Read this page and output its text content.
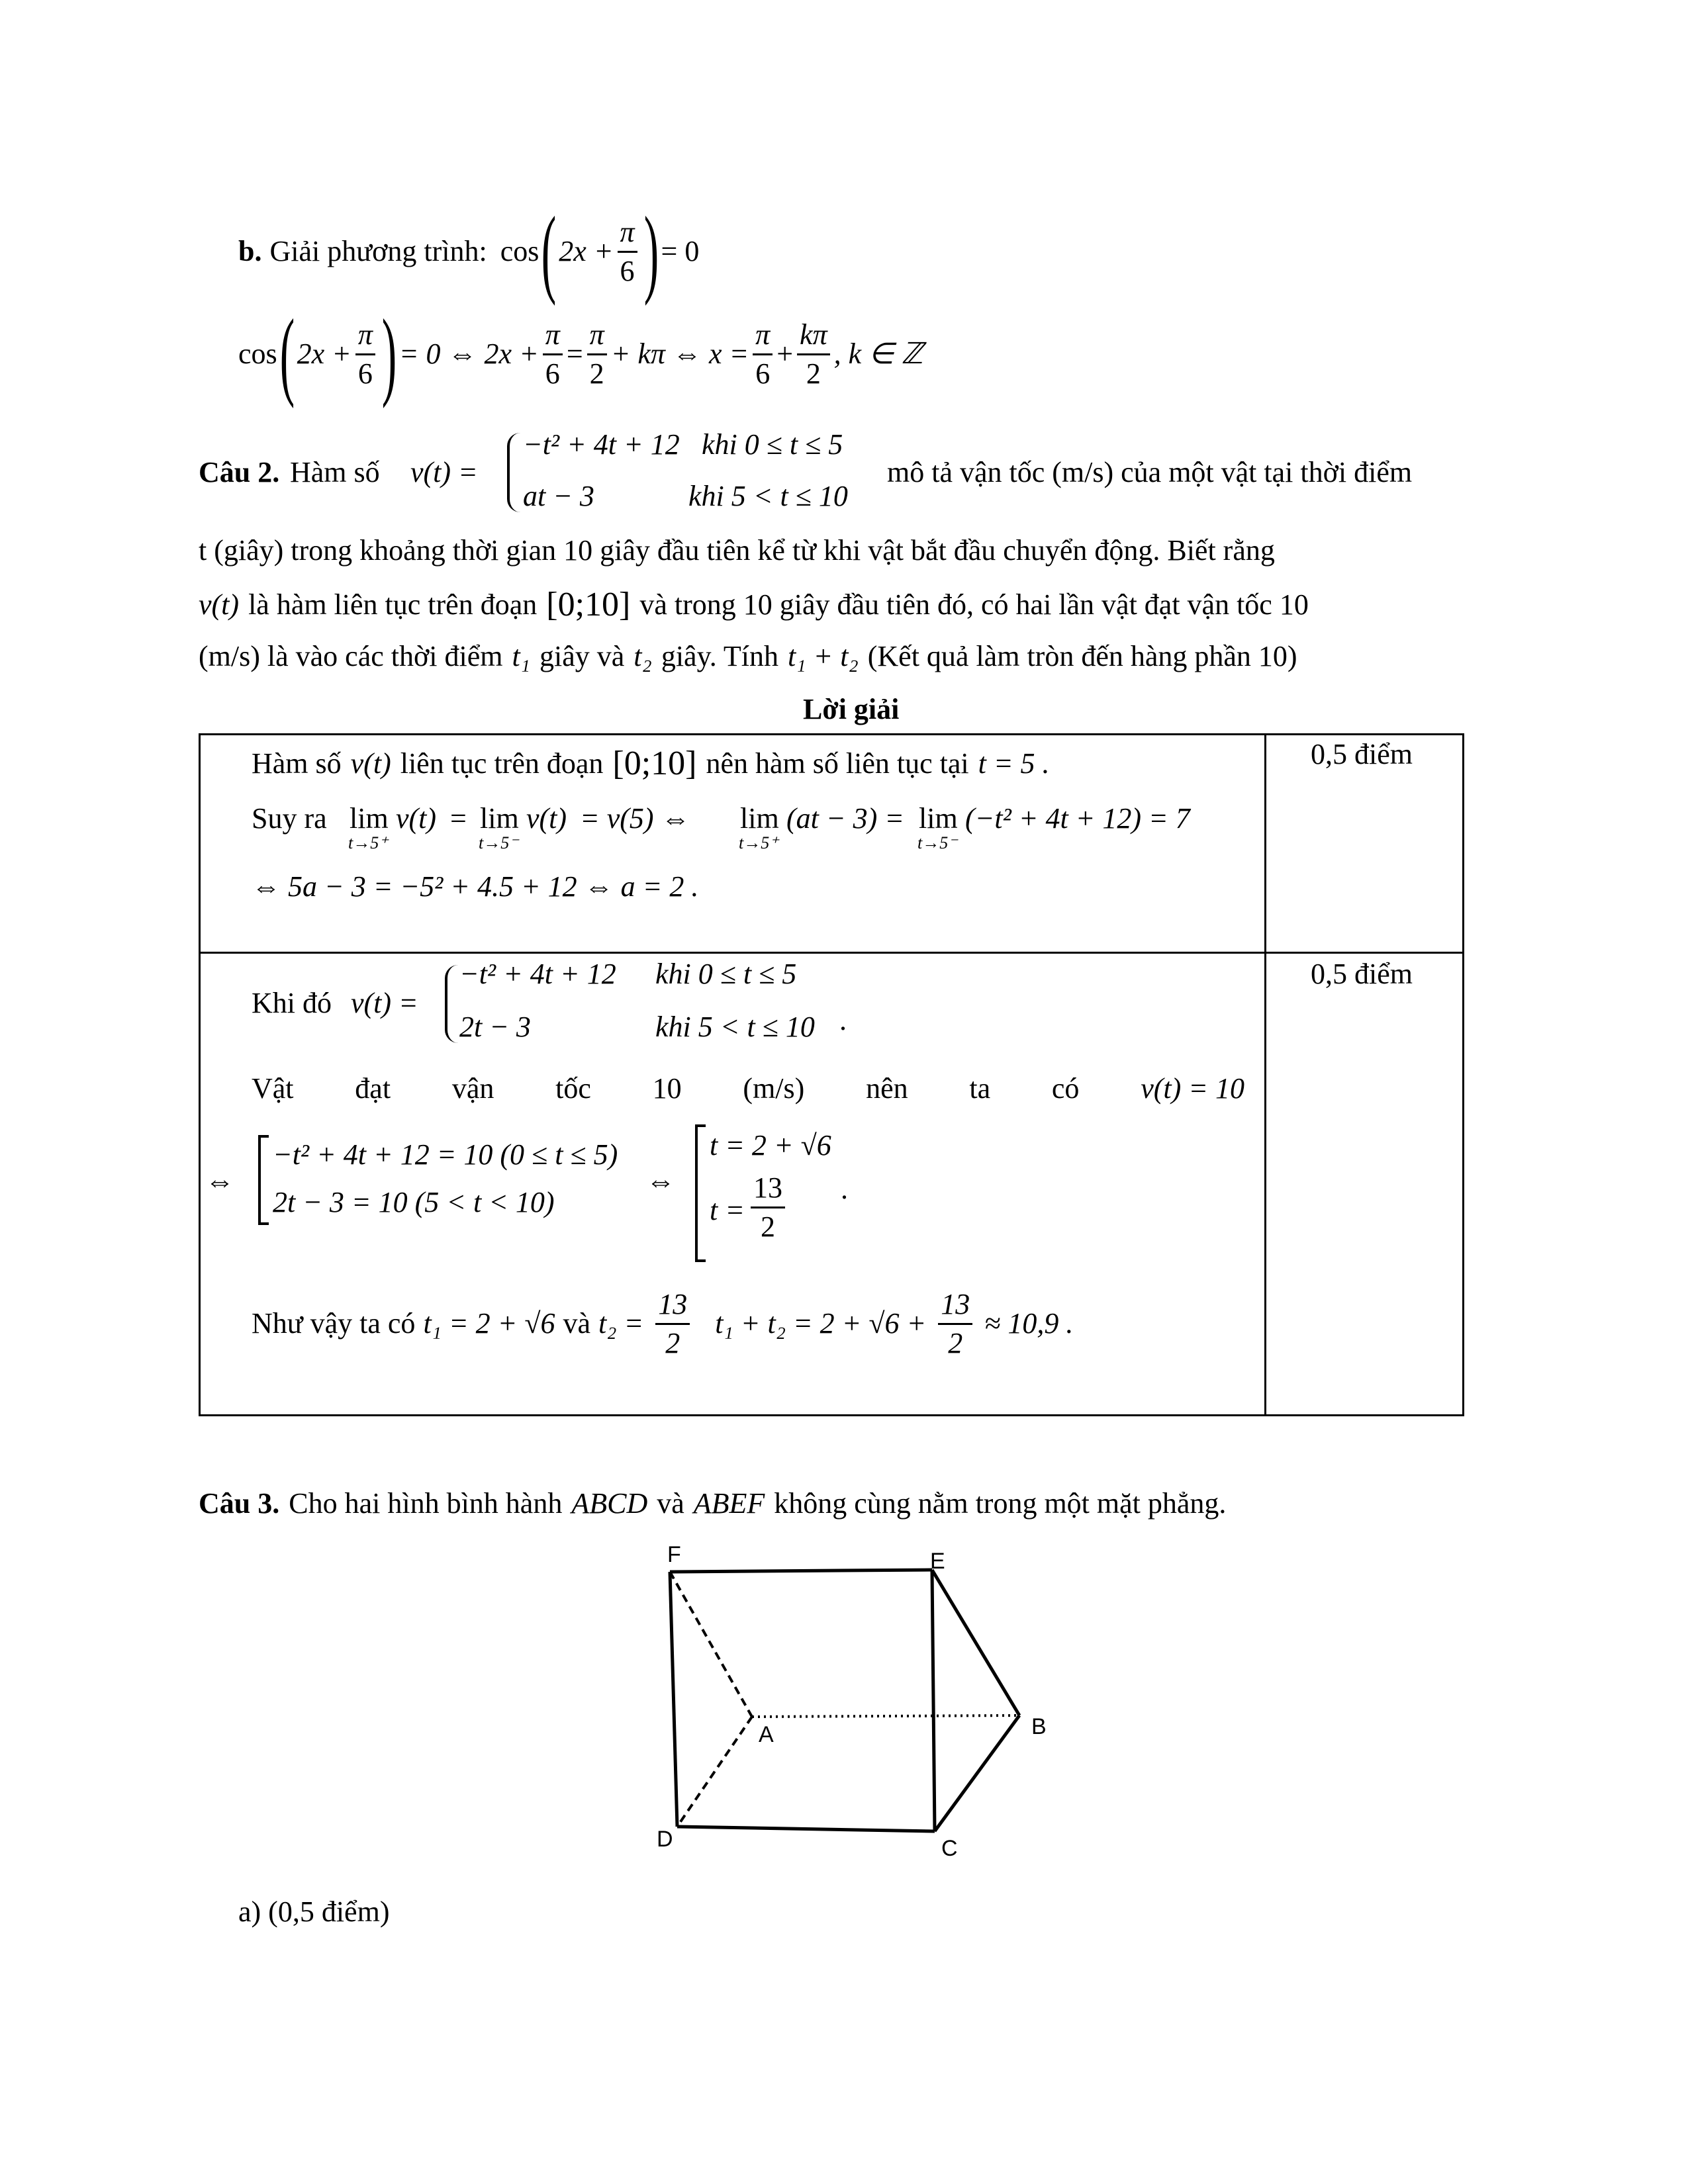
b. Giải phương trình: cos ( $2x + \frac{\pi}{6}$ ) = 0
cos ( $2x + \frac{\pi}{6}$ ) = 0 ⇔ $2x + \frac{\pi}{6} = \frac{\pi}{2} + k\pi$ ⇔ $x = \frac{\pi}{6} + \frac{k\pi}{2}$ , k ∈ ℤ
Câu 2. Hàm số v(t) =
−t² + 4t + 12 khi 0 ≤ t ≤ 5
at − 3	khi 5 < t ≤ 10
mô tả vận tốc (m/s) của một vật tại thời điểm
t (giây) trong khoảng thời gian 10 giây đầu tiên kể từ khi vật bắt đầu chuyển động. Biết rằng
v(t) là hàm liên tục trên đoạn [0;10] và trong 10 giây đầu tiên đó, có hai lần vật đạt vận tốc 10
(m/s) là vào các thời điểm t₁ giây và t₂ giây. Tính t₁ + t₂ (Kết quả làm tròn đến hàng phần 10)
Lời giải
Hàm số v(t) liên tục trên đoạn [0;10] nên hàm số liên tục tại t = 5 .
Suy ra lim
t→5⁺
v(t) = lim
t→5⁻
v(t) = v(5) ⇔ lim
t→5⁺
(at − 3) = lim
t→5⁻
(−t² + 4t + 12) = 7
⇔ 5a − 3 = −5² + 4.5 + 12 ⇔ a = 2 .
0,5 điểm
Khi đó v(t) =
−t² + 4t + 12 khi 0 ≤ t ≤ 5
2t − 3	khi 5 < t ≤ 10 .
Vật đạt vận tốc 10 (m/s) nên ta có v(t) = 10
⇔
−t² + 4t + 12 = 10 (0 ≤ t ≤ 5)
2t − 3 = 10 (5 < t < 10)
⇔
t = 2 + √6
t =
13
2
.
Như vậy ta có t₁ = 2 + √6 và $t_2 = \frac{13}{2} t_1 + t_2 = 2 + √6 + \frac{13}{2} \approx 10,9$ .
0,5 điểm
Câu 3. Cho hai hình bình hành ABCD và ABEF không cùng nằm trong một mặt phẳng.
F	E
A	B
D	C
a) (0,5 điểm)
